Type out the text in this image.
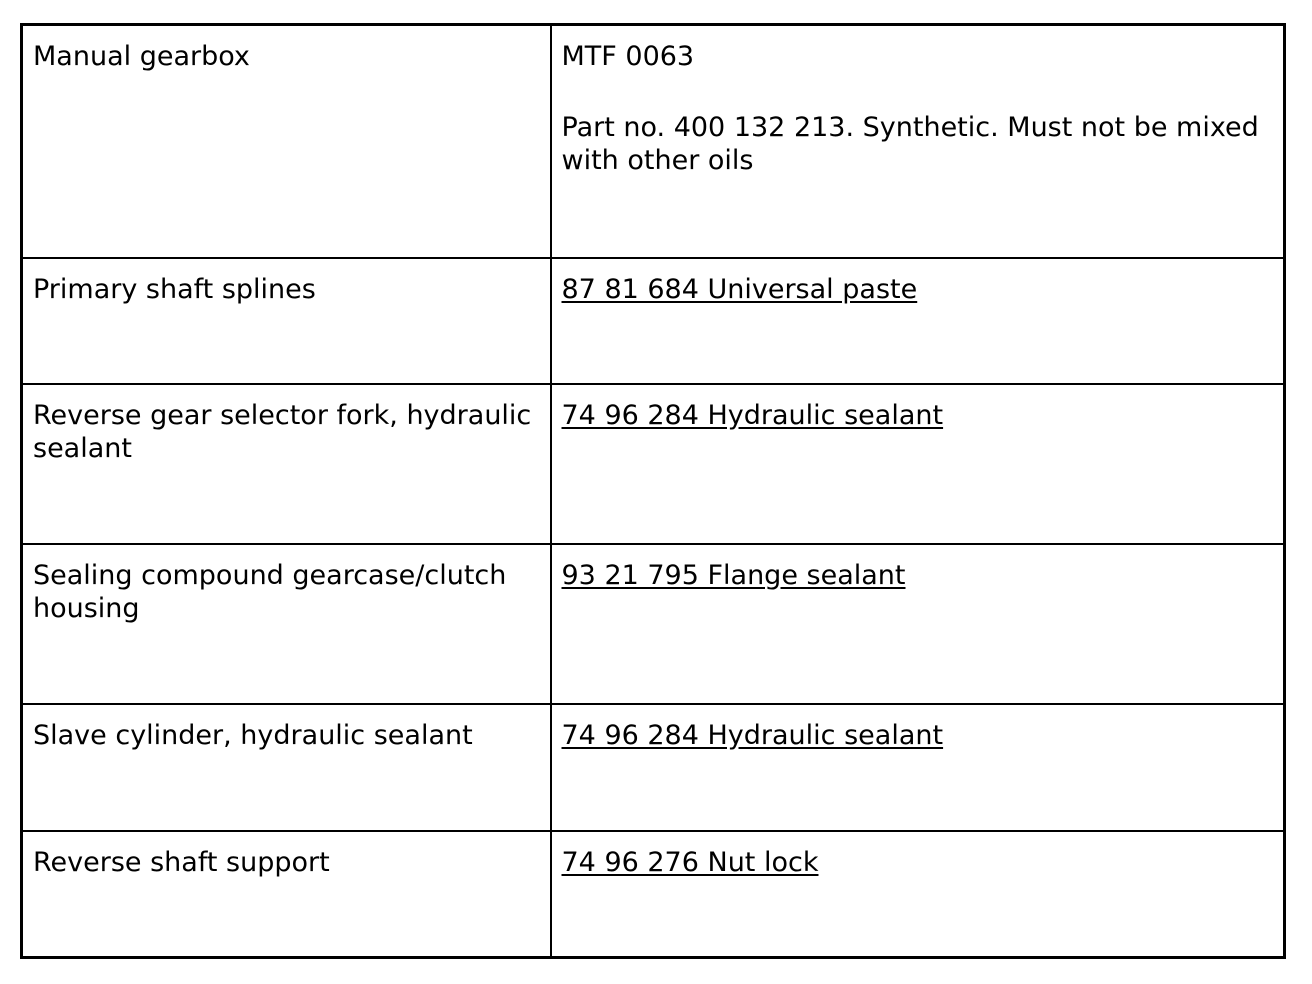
Manual gearbox	MTF 0063
Part no. 400 132 213. Synthetic. Must not be mixed with other oils

Primary shaft splines	87 81 684 Universal paste
Reverse gear selector fork, hydraulic sealant	74 96 284 Hydraulic sealant
Sealing compound gearcase/clutch housing	93 21 795 Flange sealant
Slave cylinder, hydraulic sealant	74 96 284 Hydraulic sealant
Reverse shaft support	74 96 276 Nut lock
